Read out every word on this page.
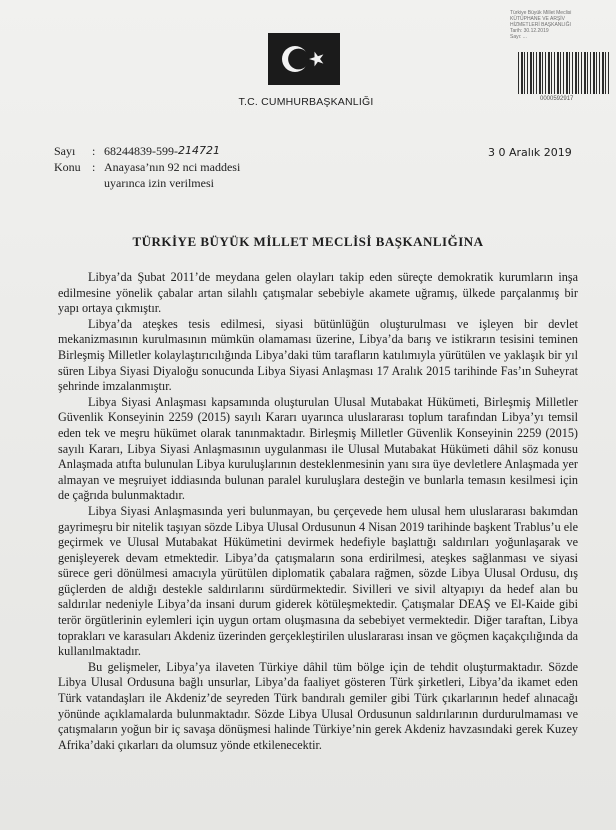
T.C. CUMHURBAŞKANLIĞI
Türkiye Büyük Millet Meclisi
KÜTÜPHANE VE ARŞİV
HİZMETLERİ BAŞKANLIĞI
Tarih: 30.12.2019
Sayı: ...
0000592917
Sayı	: 68244839-599- 214721
Konu : Anayasa’nın 92 nci maddesi
uyarınca izin verilmesi
3 0 Aralık 2019
TÜRKİYE BÜYÜK MİLLET MECLİSİ BAŞKANLIĞINA

Libya’da Şubat 2011’de meydana gelen olayları takip eden süreçte demokratik kurumların inşa edilmesine yönelik çabalar artan silahlı çatışmalar sebebiyle akamete uğramış, ülkede parçalanmış bir yapı ortaya çıkmıştır.

Libya’da ateşkes tesis edilmesi, siyasi bütünlüğün oluşturulması ve işleyen bir devlet mekanizmasının kurulmasının mümkün olamaması üzerine, Libya’da barış ve istikrarın tesisini teminen Birleşmiş Milletler kolaylaştırıcılığında Libya’daki tüm tarafların katılımıyla yürütülen ve yaklaşık bir yıl süren Libya Siyasi Diyaloğu sonucunda Libya Siyasi Anlaşması 17 Aralık 2015 tarihinde Fas’ın Suheyrat şehrinde imzalanmıştır.

Libya Siyasi Anlaşması kapsamında oluşturulan Ulusal Mutabakat Hükümeti, Birleşmiş Milletler Güvenlik Konseyinin 2259 (2015) sayılı Kararı uyarınca uluslararası toplum tarafından Libya’yı temsil eden tek ve meşru hükümet olarak tanınmaktadır. Birleşmiş Milletler Güvenlik Konseyinin 2259 (2015) sayılı Kararı, Libya Siyasi Anlaşmasının uygulanması ile Ulusal Mutabakat Hükümeti dâhil söz konusu Anlaşmada atıfta bulunulan Libya kuruluşlarının desteklenmesinin yanı sıra üye devletlere Anlaşmada yer almayan ve meşruiyet iddiasında bulunan paralel kuruluşlara desteğin ve bunlarla temasın kesilmesi için de çağrıda bulunmaktadır.

Libya Siyasi Anlaşmasında yeri bulunmayan, bu çerçevede hem ulusal hem uluslararası bakımdan gayrimeşru bir nitelik taşıyan sözde Libya Ulusal Ordusunun 4 Nisan 2019 tarihinde başkent Trablus’u ele geçirmek ve Ulusal Mutabakat Hükümetini devirmek hedefiyle başlattığı saldırıları yoğunlaşarak ve genişleyerek devam etmektedir. Libya’da çatışmaların sona erdirilmesi, ateşkes sağlanması ve siyasi sürece geri dönülmesi amacıyla yürütülen diplomatik çabalara rağmen, sözde Libya Ulusal Ordusu, dış güçlerden de aldığı destekle saldırılarını sürdürmektedir. Sivilleri ve sivil altyapıyı da hedef alan bu saldırılar nedeniyle Libya’da insani durum giderek kötüleşmektedir. Çatışmalar DEAŞ ve El-Kaide gibi terör örgütlerinin eylemleri için uygun ortam oluşmasına da sebebiyet vermektedir. Diğer taraftan, Libya toprakları ve karasuları Akdeniz üzerinden gerçekleştirilen uluslararası insan ve göçmen kaçakçılığında da kullanılmaktadır.

Bu gelişmeler, Libya’ya ilaveten Türkiye dâhil tüm bölge için de tehdit oluşturmaktadır. Sözde Libya Ulusal Ordusuna bağlı unsurlar, Libya’da faaliyet gösteren Türk şirketleri, Libya’da ikamet eden Türk vatandaşları ile Akdeniz’de seyreden Türk bandıralı gemiler gibi Türk çıkarlarının hedef alınacağı yönünde açıklamalarda bulunmaktadır. Sözde Libya Ulusal Ordusunun saldırılarının durdurulmaması ve çatışmaların yoğun bir iç savaşa dönüşmesi halinde Türkiye’nin gerek Akdeniz havzasındaki gerek Kuzey Afrika’daki çıkarları da olumsuz yönde etkilenecektir.
